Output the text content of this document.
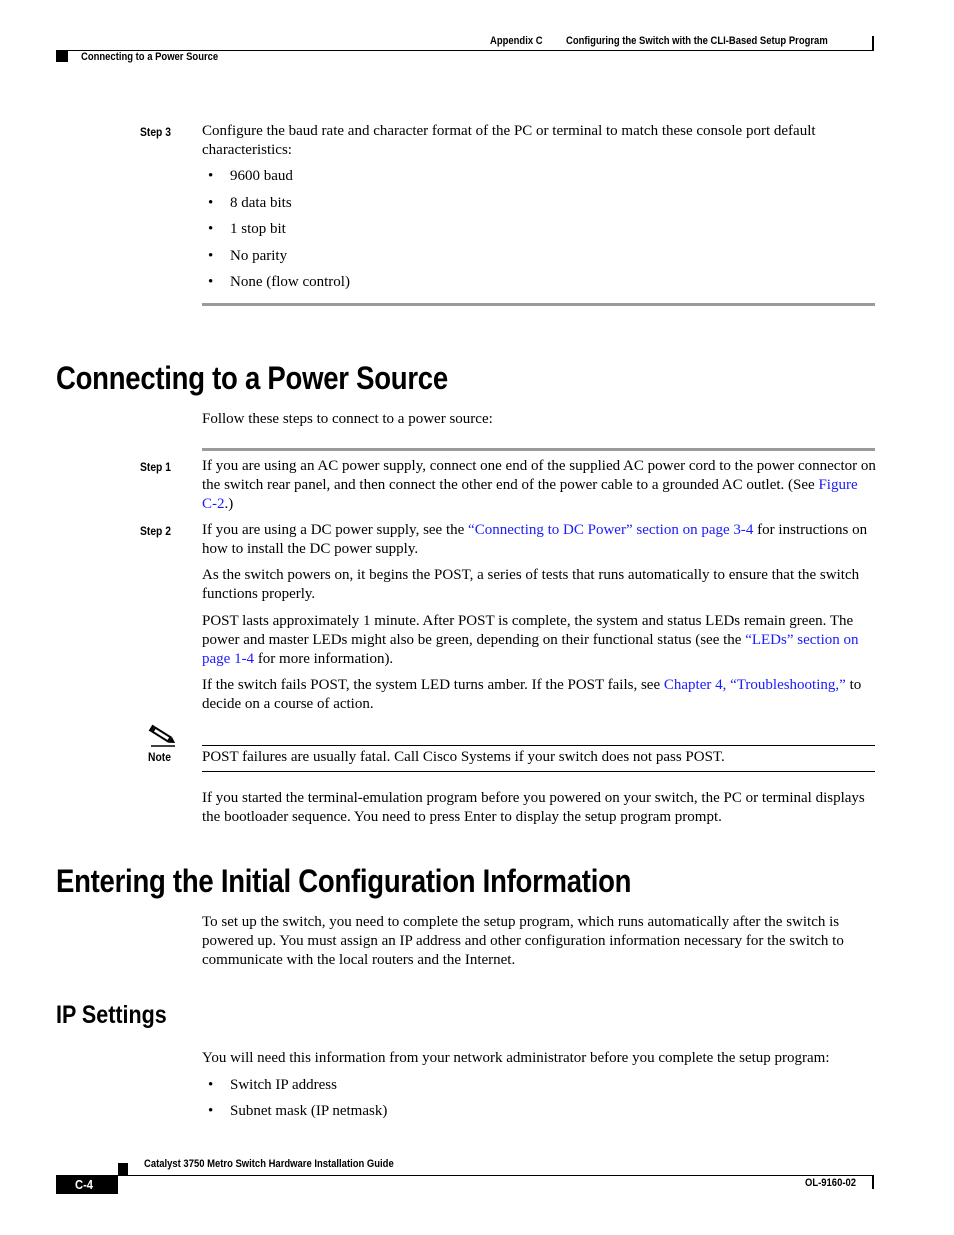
Appendix C Configuring the Switch with the CLI-Based Setup Program
Connecting to a Power Source
Step 3 Configure the baud rate and character format of the PC or terminal to match these console port default characteristics:
• 9600 baud
• 8 data bits
• 1 stop bit
• No parity
• None (flow control)
Connecting to a Power Source
Follow these steps to connect to a power source:
Step 1 If you are using an AC power supply, connect one end of the supplied AC power cord to the power connector on the switch rear panel, and then connect the other end of the power cable to a grounded AC outlet. (See Figure C-2.)

Step 2 If you are using a DC power supply, see the “Connecting to DC Power” section on page 3-4 for instructions on how to install the DC power supply.

As the switch powers on, it begins the POST, a series of tests that runs automatically to ensure that the switch functions properly.

POST lasts approximately 1 minute. After POST is complete, the system and status LEDs remain green. The power and master LEDs might also be green, depending on their functional status (see the “LEDs” section on page 1-4 for more information).

If the switch fails POST, the system LED turns amber. If the POST fails, see Chapter 4, “Troubleshooting,” to decide on a course of action.

Note POST failures are usually fatal. Call Cisco Systems if your switch does not pass POST.

If you started the terminal-emulation program before you powered on your switch, the PC or terminal displays the bootloader sequence. You need to press Enter to display the setup program prompt.

Entering the Initial Configuration Information

To set up the switch, you need to complete the setup program, which runs automatically after the switch is powered up. You must assign an IP address and other configuration information necessary for the switch to communicate with the local routers and the Internet.

IP Settings

You will need this information from your network administrator before you complete the setup program:

• Switch IP address
• Subnet mask (IP netmask)
Catalyst 3750 Metro Switch Hardware Installation Guide
C-4	OL-9160-02
